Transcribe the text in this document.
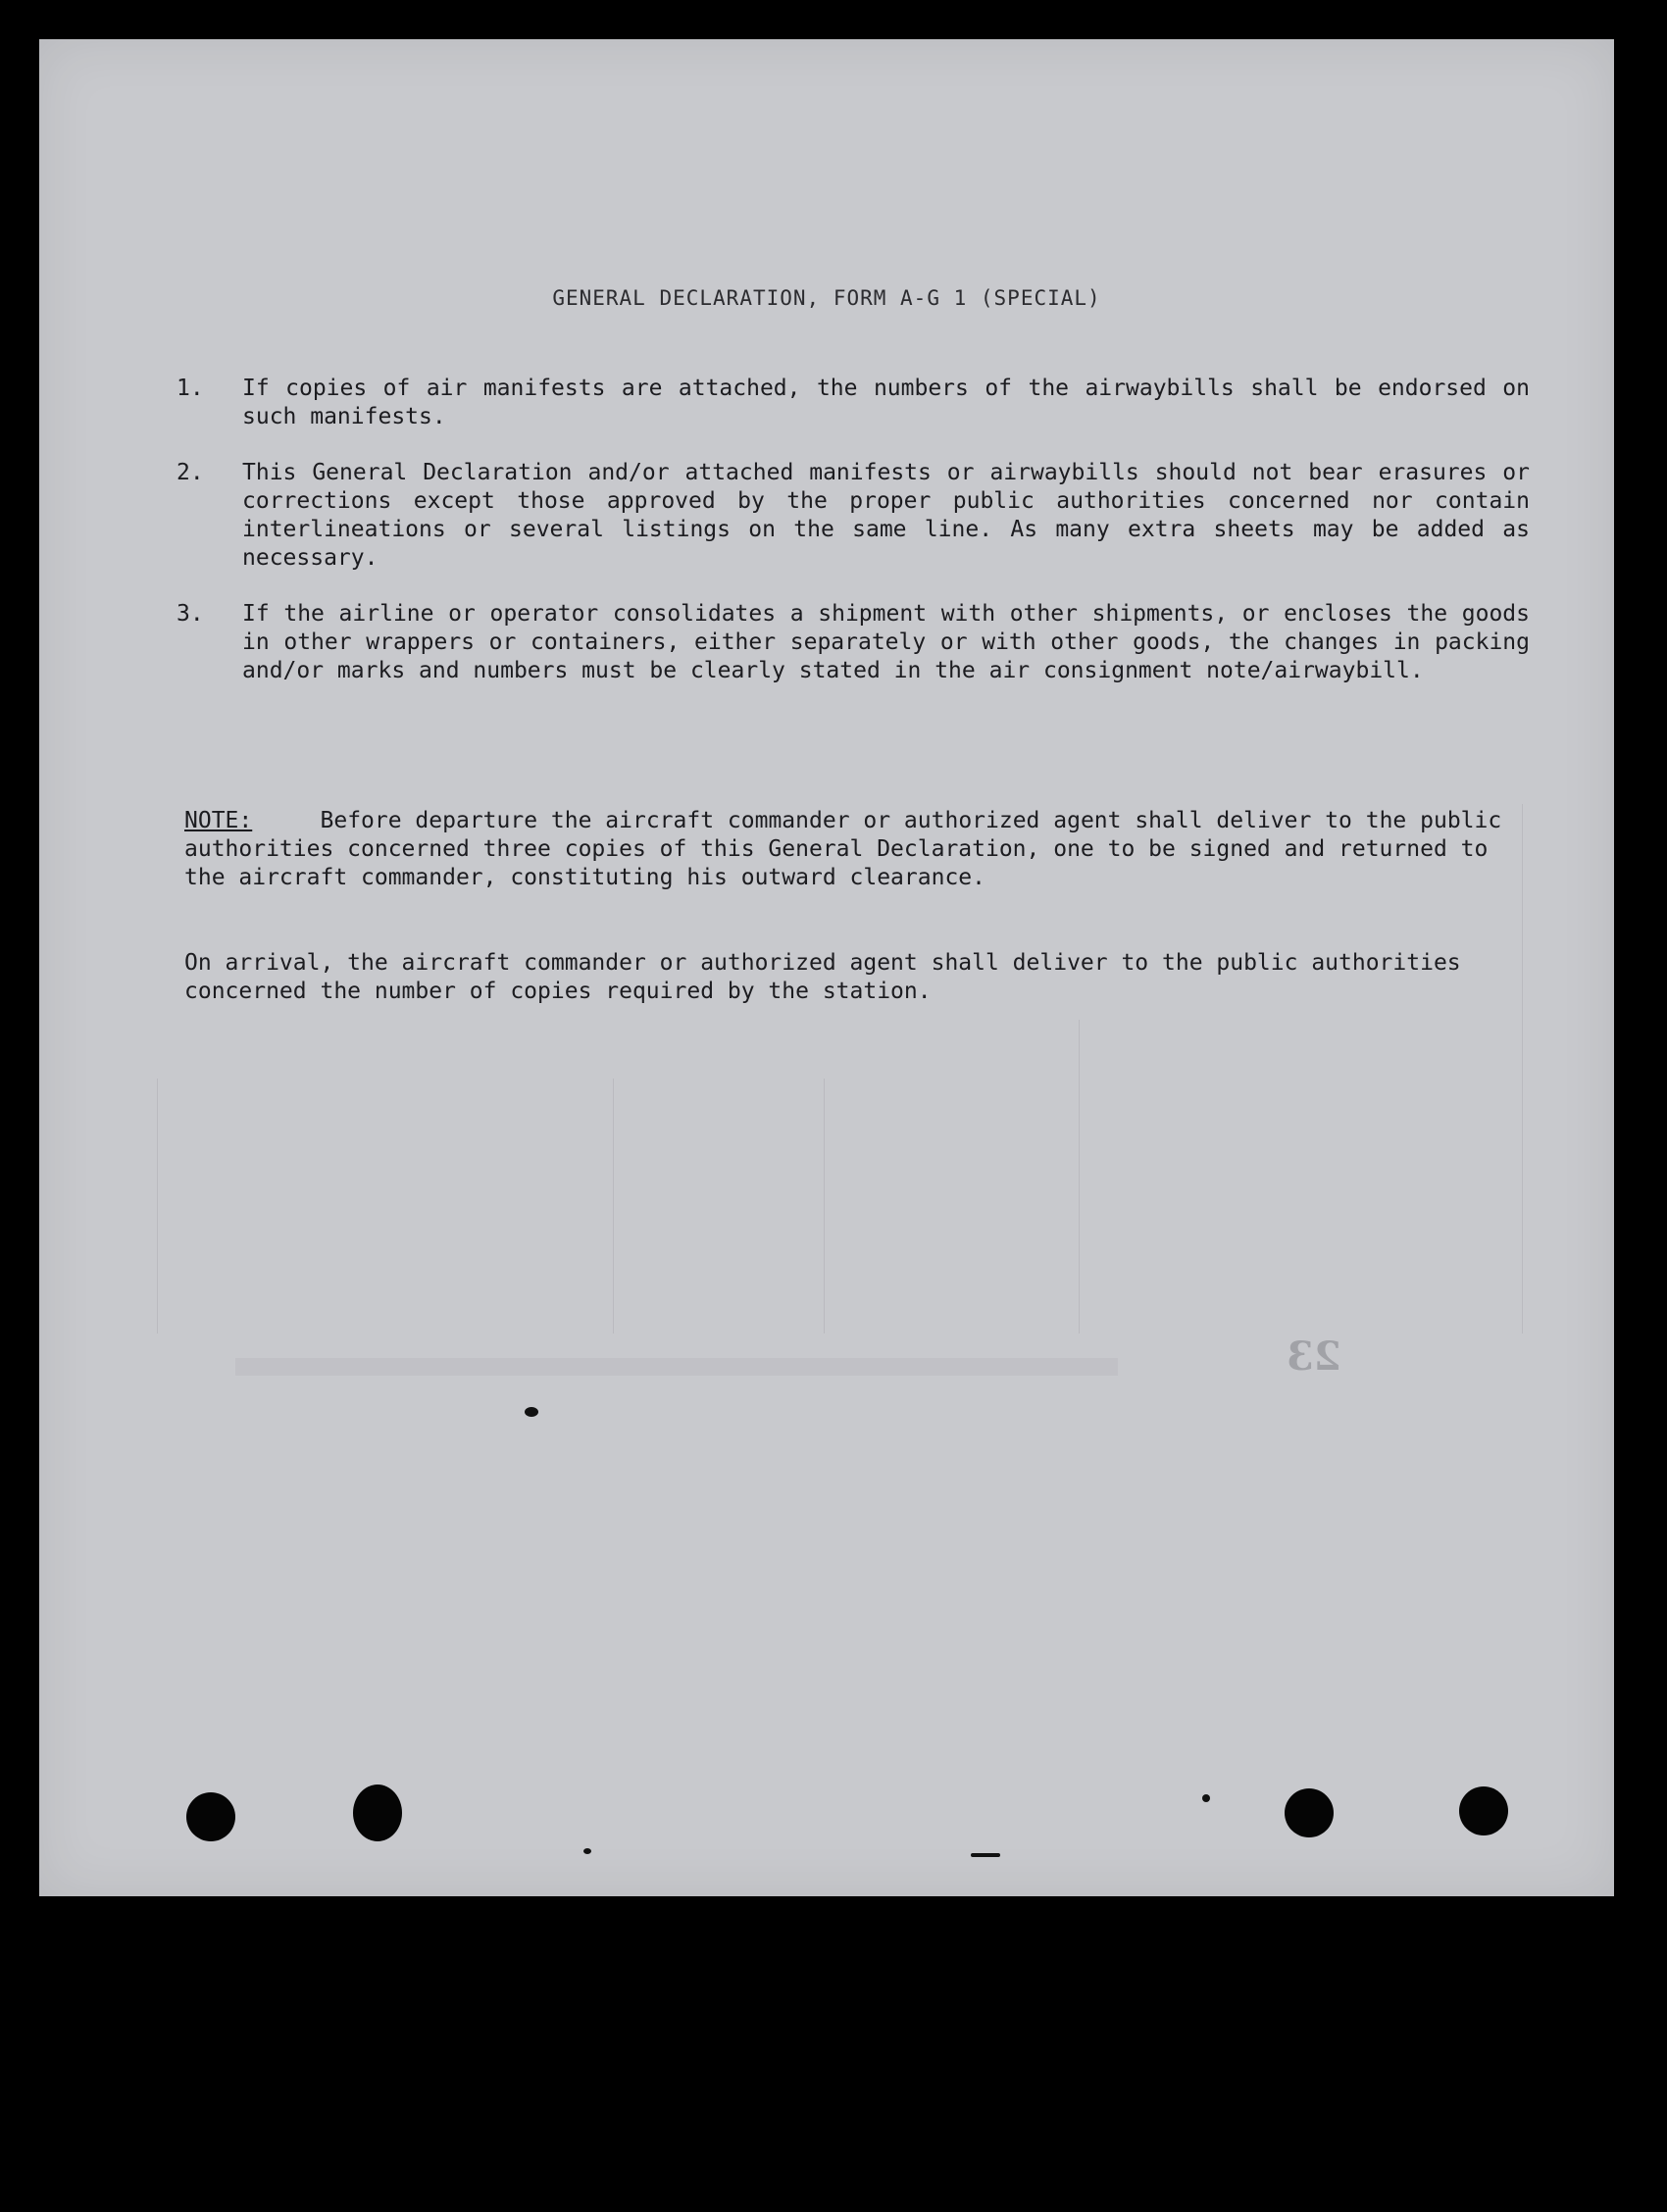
GENERAL DECLARATION, FORM A-G 1 (SPECIAL)
1.	If copies of air manifests are attached, the numbers of the airwaybills shall be endorsed on such manifests.
2.	This General Declaration and/or attached manifests or airwaybills should not bear erasures or corrections except those approved by the proper public authorities concerned nor contain interlineations or several listings on the same line. As many extra sheets may be added as necessary.
3.	If the airline or operator consolidates a shipment with other shipments, or encloses the goods in other wrappers or containers, either separately or with other goods, the changes in packing and/or marks and numbers must be clearly stated in the air consignment note/airwaybill.
NOTE:	Before departure the aircraft commander or authorized agent shall deliver to the public authorities concerned three copies of this General Declaration, one to be signed and returned to the aircraft commander, constituting his outward clearance.
On arrival, the aircraft commander or authorized agent shall deliver to the public authorities concerned the number of copies required by the station.
23
